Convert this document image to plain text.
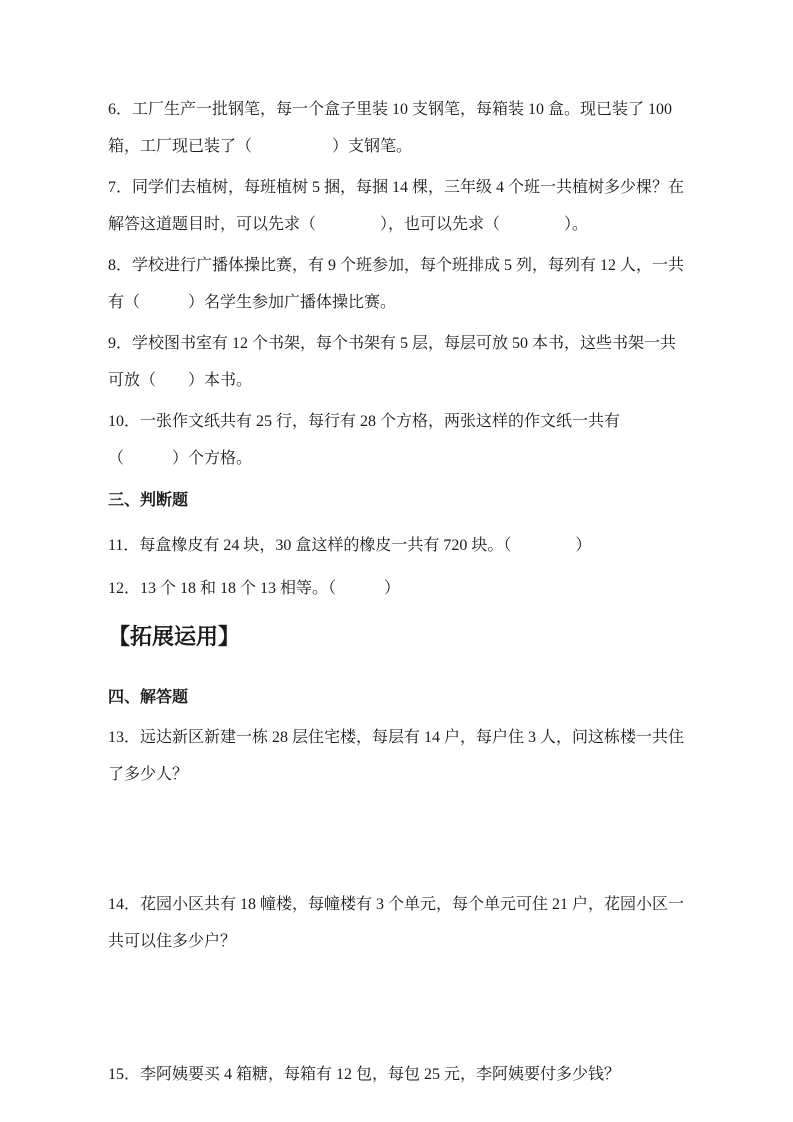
6．工厂生产一批钢笔，每一个盒子里装 10 支钢笔，每箱装 10 盒。现已装了 100 箱，工厂现已装了（　　　　　）支钢笔。

7．同学们去植树，每班植树 5 捆，每捆 14 棵，三年级 4 个班一共植树多少棵？在解答这道题目时，可以先求（　　　　），也可以先求（　　　　）。

8．学校进行广播体操比赛，有 9 个班参加，每个班排成 5 列，每列有 12 人，一共有（　　　）名学生参加广播体操比赛。

9．学校图书室有 12 个书架，每个书架有 5 层，每层可放 50 本书，这些书架一共可放（　　）本书。

10．一张作文纸共有 25 行，每行有 28 个方格，两张这样的作文纸一共有（　　　）个方格。

三、判断题

11．每盒橡皮有 24 块，30 盒这样的橡皮一共有 720 块。（　　　　）

12．13 个 18 和 18 个 13 相等。（　　　）

【拓展运用】

四、解答题

13．远达新区新建一栋 28 层住宅楼，每层有 14 户，每户住 3 人，问这栋楼一共住了多少人？

14．花园小区共有 18 幢楼，每幢楼有 3 个单元，每个单元可住 21 户，花园小区一共可以住多少户？

15．李阿姨要买 4 箱糖，每箱有 12 包，每包 25 元，李阿姨要付多少钱？
